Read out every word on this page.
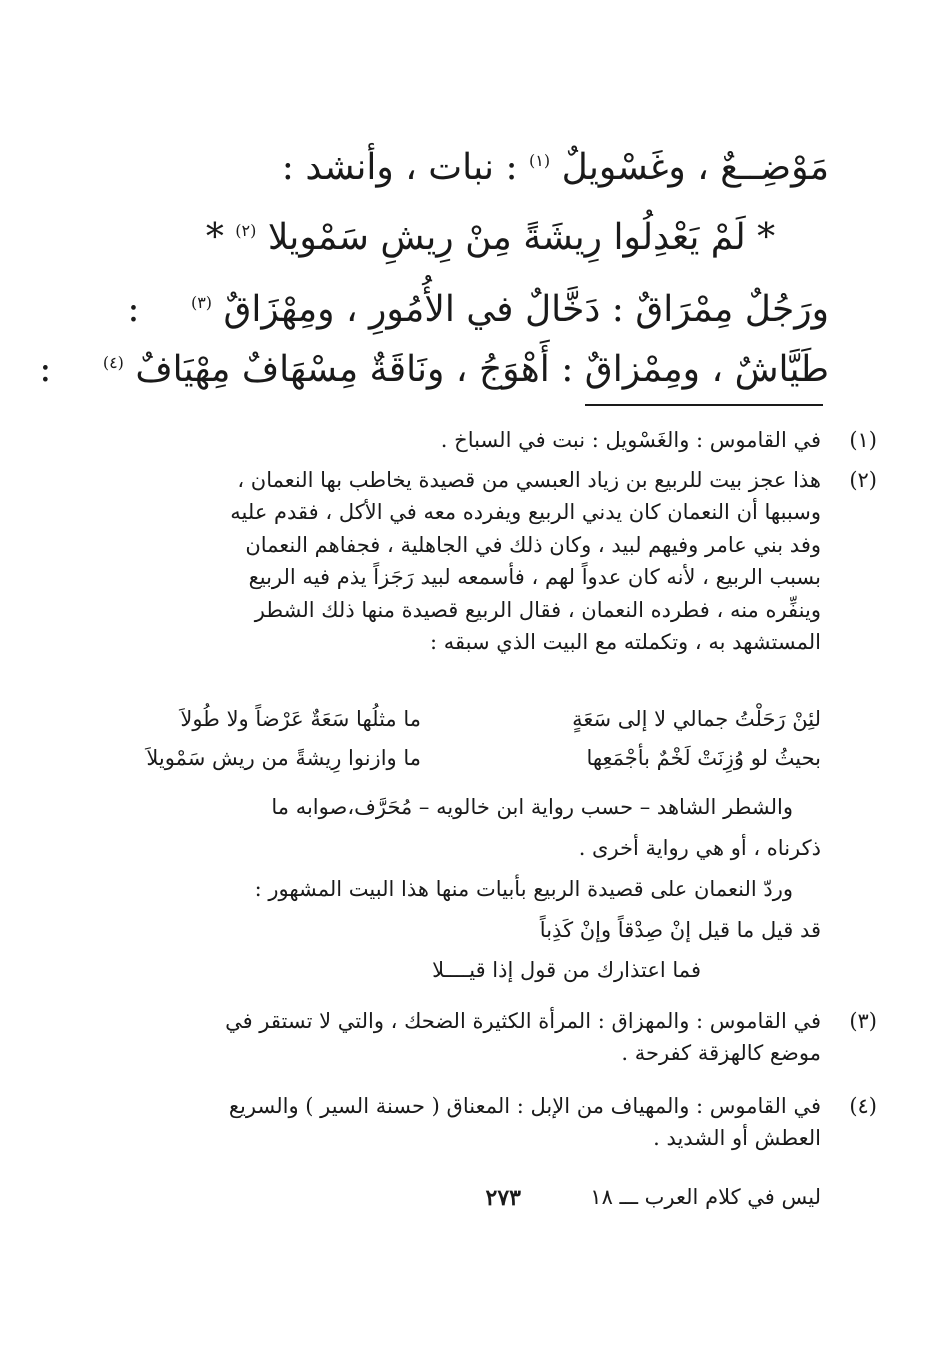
مَوْضِــعٌ ، وغَسْويلٌ $^{(١)}$ : نبات ، وأنشد :
* لَمْ يَعْدِلُوا رِيشَةً مِنْ رِيشِ سَمْويلا $^{(٢)}$ *
ورَجُلٌ مِمْرَاقٌ : دَخَّالٌ في الأُمُورِ ، ومِهْزَاقٌ $^{(٣)}$ :
طَيَّاشٌ ، ومِمْزاقٌ : أَهْوَجُ ، ونَاقَةٌ مِسْهَافٌ مِهْيَافٌ $^{(٤)}$ :
(١)
في القاموس : والغَسْويل : نبت في السباخ .
(٢)
هذا عجز بيت للربيع بن زياد العبسي من قصيدة يخاطب بها النعمان ،
وسببها أن النعمان كان يدني الربيع ويفرده معه في الأكل ، فقدم عليه
وفد بني عامر وفيهم لبيد ، وكان ذلك في الجاهلية ، فجفاهم النعمان
بسبب الربيع ، لأنه كان عدواً لهم ، فأسمعه لبيد رَجَزاً يذم فيه الربيع
وينفِّره منه ، فطرده النعمان ، فقال الربيع قصيدة منها ذلك الشطر
المستشهد به ، وتكملته مع البيت الذي سبقه :
لئِنْ رَحَلْتُ جمالي لا إلى سَعَةٍ
ما مثلُها سَعَةٌ عَرْضاً ولا طُولاَ
بحيثُ لو وُزِنَتْ لَخْمٌ بأجْمَعِها
ما وازنوا رِيشةً من ريش سَمْويلاَ
والشطر الشاهد – حسب رواية ابن خالويه – مُحَرَّف،صوابه ما
ذكرناه ، أو هي رواية أخرى .
وردّ النعمان على قصيدة الربيع بأبيات منها هذا البيت المشهور :
قد قيل ما قيل إنْ صِدْقاً وإنْ كَذِباً
فما اعتذارك من قول إذا قيــــلا
(٣)
في القاموس : والمهزاق : المرأة الكثيرة الضحك ، والتي لا تستقر في
موضع كالهزقة كفرحة .
(٤)
في القاموس : والمهياف من الإبل : المعناق ( حسنة السير ) والسريع
العطش أو الشديد .
ليس في كلام العرب ـــ ١٨
٢٧٣
